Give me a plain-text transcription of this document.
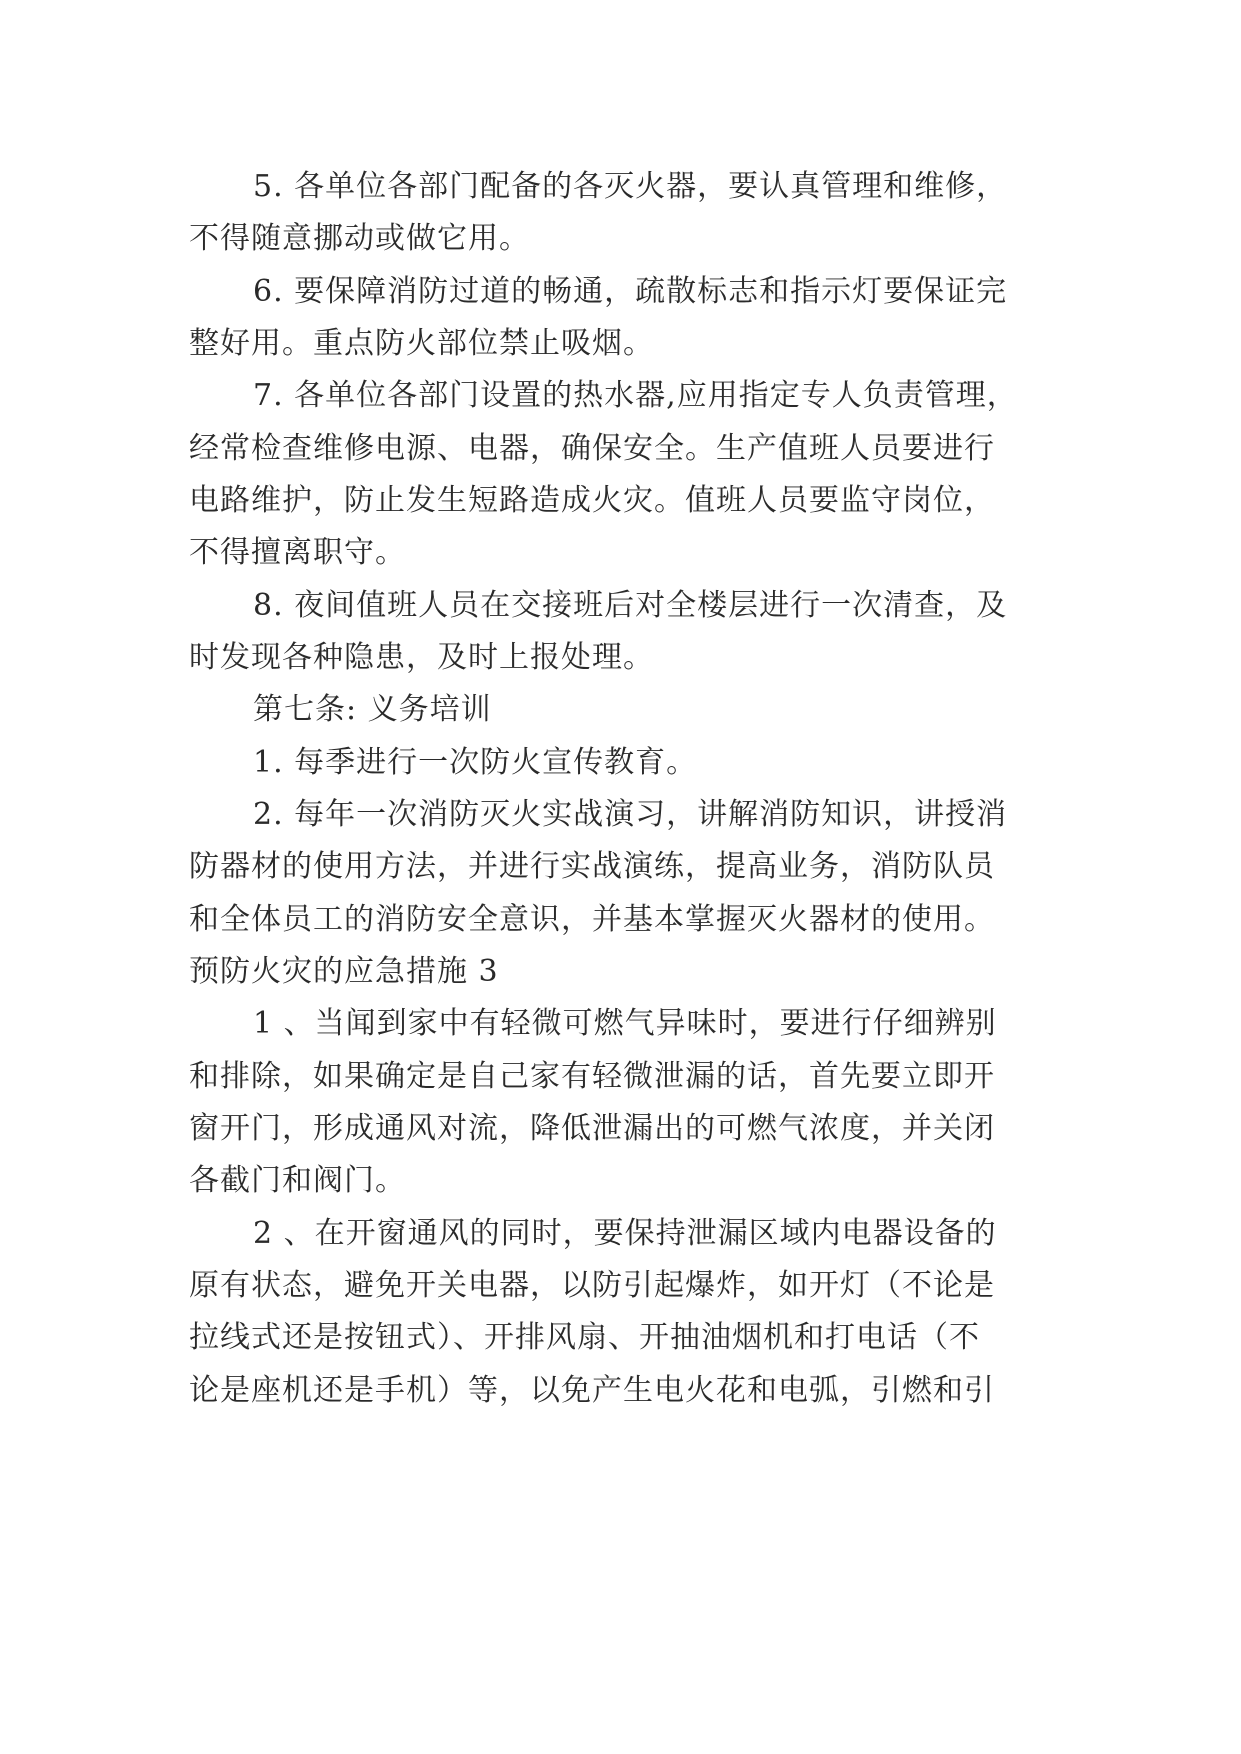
5. 各单位各部门配备的各灭火器，要认真管理和维修，
不得随意挪动或做它用。
6. 要保障消防过道的畅通，疏散标志和指示灯要保证完
整好用。重点防火部位禁止吸烟。
7. 各单位各部门设置的热水器,应用指定专人负责管理，
经常检查维修电源、电器，确保安全。生产值班人员要进行
电路维护，防止发生短路造成火灾。值班人员要监守岗位，
不得擅离职守。
8. 夜间值班人员在交接班后对全楼层进行一次清查，及
时发现各种隐患，及时上报处理。
第七条: 义务培训
1. 每季进行一次防火宣传教育。
2. 每年一次消防灭火实战演习，讲解消防知识，讲授消
防器材的使用方法，并进行实战演练，提高业务，消防队员
和全体员工的消防安全意识，并基本掌握灭火器材的使用。
预防火灾的应急措施 3
1 、当闻到家中有轻微可燃气异味时，要进行仔细辨别
和排除，如果确定是自己家有轻微泄漏的话，首先要立即开
窗开门，形成通风对流，降低泄漏出的可燃气浓度，并关闭
各截门和阀门。
2 、在开窗通风的同时，要保持泄漏区域内电器设备的
原有状态，避免开关电器，以防引起爆炸，如开灯（不论是
拉线式还是按钮式）、开排风扇、开抽油烟机和打电话（不
论是座机还是手机）等，以免产生电火花和电弧，引燃和引
